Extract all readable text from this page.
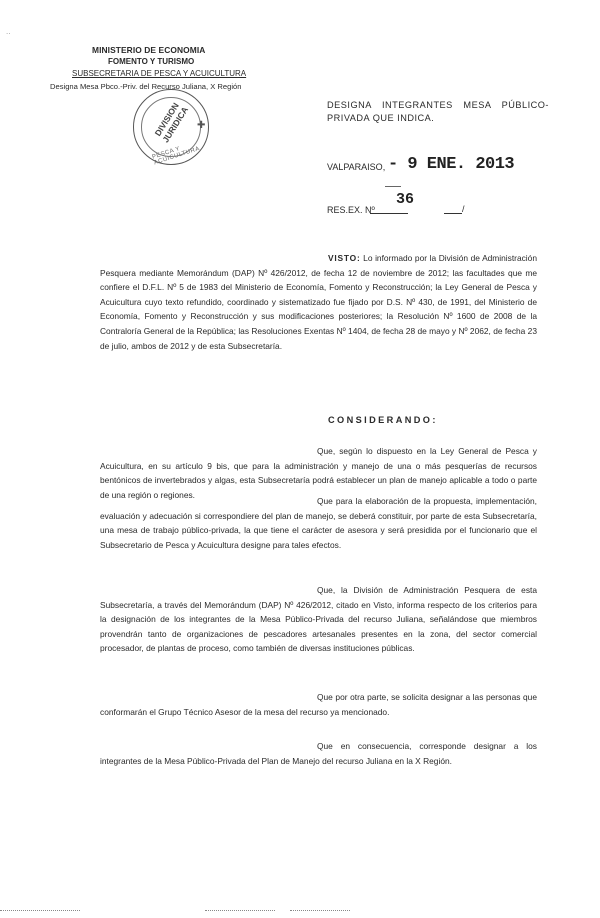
..
MINISTERIO DE ECONOMIA
FOMENTO Y TURISMO
SUBSECRETARIA DE PESCA Y ACUICULTURA
Designa Mesa Pbco.-Priv. del Recurso Juliana, X Región
DIVISION JURIDICA
PESCA Y ACUICULTURA
✚
DESIGNA INTEGRANTES MESA PÚBLICO-
PRIVADA QUE INDICA.
VALPARAISO, - 9 ENE. 2013
RES.EX. Nº
36
/
VISTO: Lo informado por la División de Administración Pesquera mediante Memorándum (DAP) Nº 426/2012, de fecha 12 de noviembre de 2012; las facultades que me confiere el D.F.L. Nº 5 de 1983 del Ministerio de Economía, Fomento y Reconstrucción; la Ley General de Pesca y Acuicultura cuyo texto refundido, coordinado y sistematizado fue fijado por D.S. Nº 430, de 1991, del Ministerio de Economía, Fomento y Reconstrucción y sus modificaciones posteriores; la Resolución Nº 1600 de 2008 de la Contraloría General de la República; las Resoluciones Exentas Nº 1404, de fecha 28 de mayo y Nº 2062, de fecha 23 de julio, ambos de 2012 y de esta Subsecretaría.
CONSIDERANDO:
Que, según lo dispuesto en la Ley General de Pesca y Acuicultura, en su artículo 9 bis, que para la administración y manejo de una o más pesquerías de recursos bentónicos de invertebrados y algas, esta Subsecretaría podrá establecer un plan de manejo aplicable a todo o parte de una región o regiones.
Que para la elaboración de la propuesta, implementación, evaluación y adecuación si correspondiere del plan de manejo, se deberá constituir, por parte de esta Subsecretaría, una mesa de trabajo público-privada, la que tiene el carácter de asesora y será presidida por el funcionario que el Subsecretario de Pesca y Acuicultura designe para tales efectos.
Que, la División de Administración Pesquera de esta Subsecretaría, a través del Memorándum (DAP) Nº 426/2012, citado en Visto, informa respecto de los criterios para la designación de los integrantes de la Mesa Público-Privada del recurso Juliana, señalándose que miembros provendrán tanto de organizaciones de pescadores artesanales presentes en la zona, del sector comercial procesador, de plantas de proceso, como también de diversas instituciones públicas.
Que por otra parte, se solicita designar a las personas que conformarán el Grupo Técnico Asesor de la mesa del recurso ya mencionado.
Que en consecuencia, corresponde designar a los integrantes de la Mesa Público-Privada del Plan de Manejo del recurso Juliana en la X Región.
